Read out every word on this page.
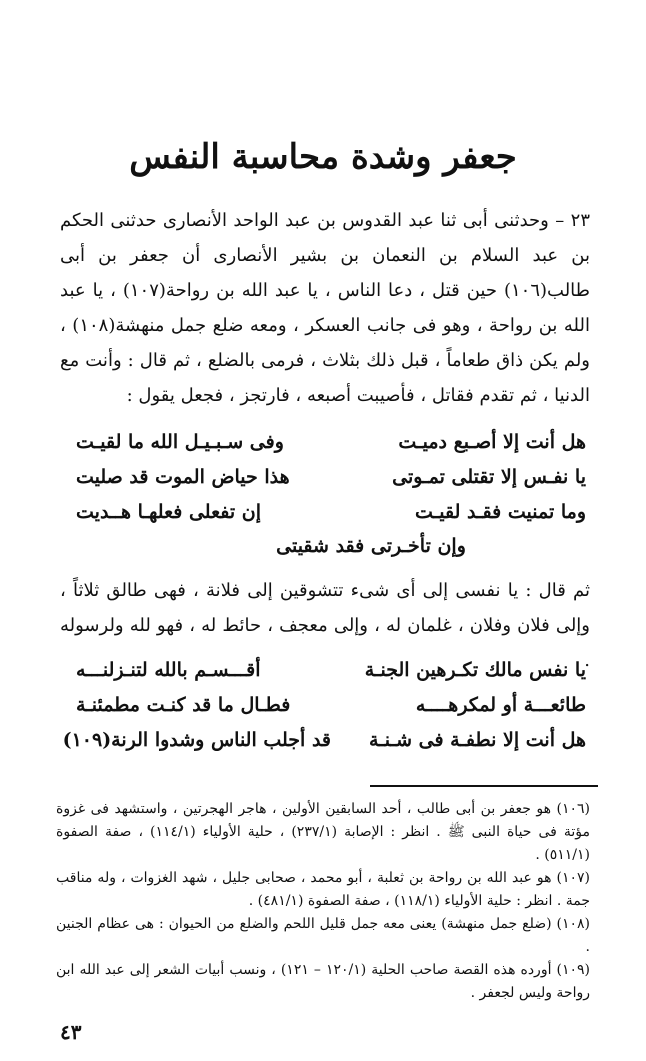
جعفر وشدة محاسبة النفس
٢٣ – وحدثنى أبى ثنا عبد القدوس بن عبد الواحد الأنصارى حدثنى الحكم بن عبد السلام بن النعمان بن بشير الأنصارى أن جعفر بن أبى طالب(١٠٦) حين قتل ، دعا الناس ، يا عبد الله بن رواحة(١٠٧) ، يا عبد الله بن رواحة ، وهو فى جانب العسكر ، ومعه ضلع جمل منهشة(١٠٨) ، ولم يكن ذاق طعاماً ، قبل ذلك بثلاث ، فرمى بالضلع ، ثم قال : وأنت مع الدنيا ، ثم تقدم فقاتل ، فأصيبت أصبعه ، فارتجز ، فجعل يقول :
هل أنت إلا أصـبع دميـت
وفى سـبـيـل الله ما لقيـت
يا نفـس إلا تقتلى تمـوتى
هذا حياض الموت قد صليت
وما تمنيت فقـد لقيـت
إن تفعلى فعلهـا هــديت
وإن تأخـرتى فقد شقيتى
ثم قال : يا نفسى إلى أى شىء تتشوقين إلى فلانة ، فهى طالق ثلاثاً ، وإلى فلان وفلان ، غلمان له ، وإلى معجف ، حائط له ، فهو لله ولرسوله .
يا نفس مالك تكـرهين الجنـة
أقـــسـم بالله لتنـزلنـــه
طائعـــة أو لمكرهــــه
فطـال ما قد كنـت مطمئنـة
هل أنت إلا نطفـة فى شـنـة
قد أجلب الناس وشدوا الرنة(١٠٩)
(١٠٦) هو جعفر بن أبى طالب ، أحد السابقين الأولين ، هاجر الهجرتين ، واستشهد فى غزوة مؤتة فى حياة النبى ﷺ . انظر : الإصابة (٢٣٧/١) ، حلية الأولياء (١١٤/١) ، صفة الصفوة (٥١١/١) .
(١٠٧) هو عبد الله بن رواحة بن ثعلبة ، أبو محمد ، صحابى جليل ، شهد الغزوات ، وله مناقب جمة . انظر : حلية الأولياء (١١٨/١) ، صفة الصفوة (٤٨١/١) .
(١٠٨) (ضلع جمل منهشة) يعنى معه جمل قليل اللحم والضلع من الحيوان : هى عظام الجنين .
(١٠٩) أورده هذه القصة صاحب الحلية (١٢٠/١ – ١٢١) ، ونسب أبيات الشعر إلى عبد الله ابن رواحة وليس لجعفر .
٤٣
